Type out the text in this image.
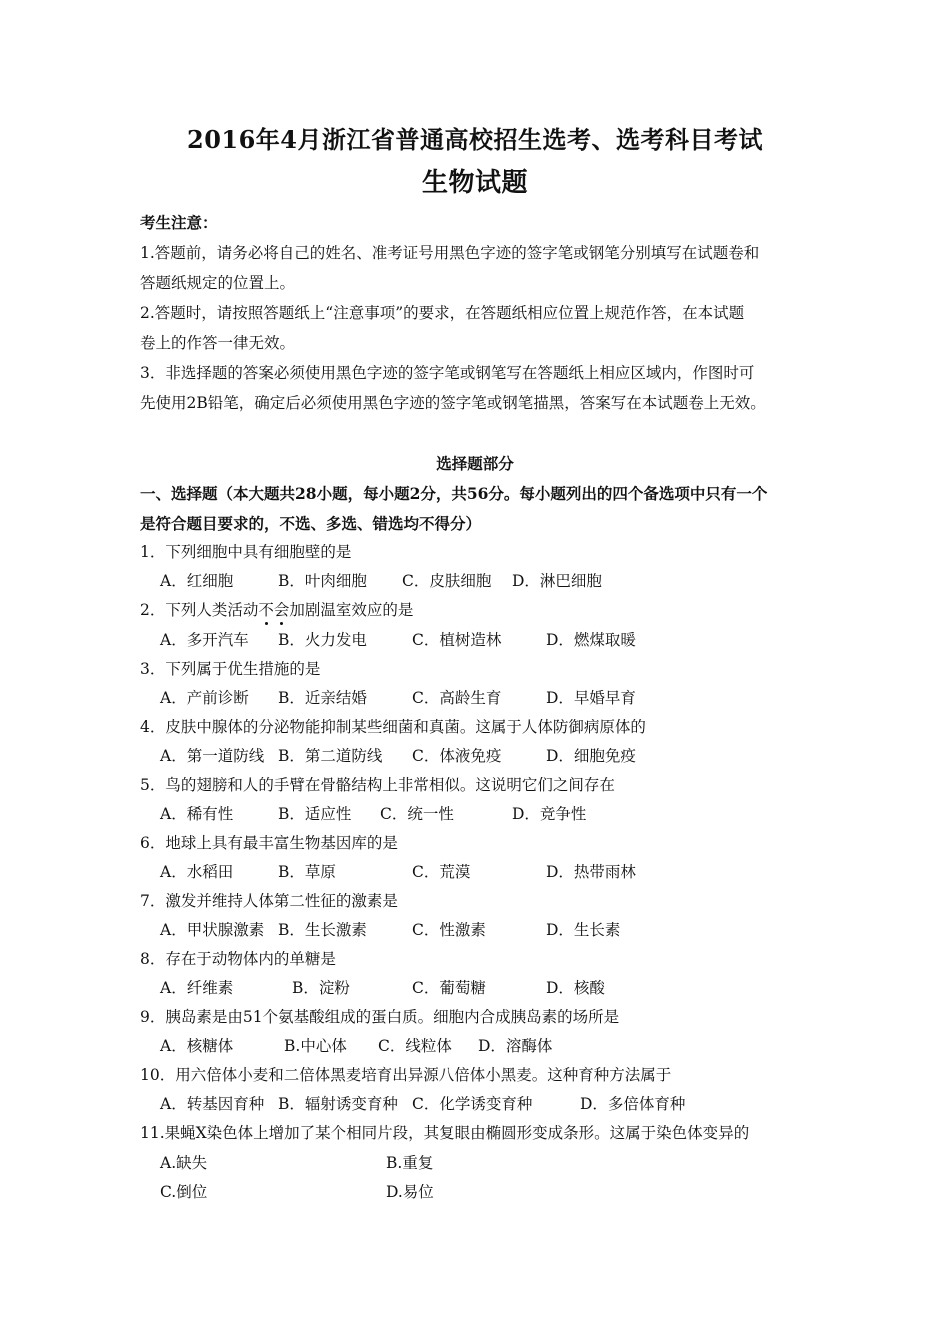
2016年4月浙江省普通高校招生选考、选考科目考试
生物试题
考生注意：
1.答题前，请务必将自己的姓名、准考证号用黑色字迹的签字笔或钢笔分别填写在试题卷和
答题纸规定的位置上。
2.答题时，请按照答题纸上“注意事项”的要求，在答题纸相应位置上规范作答，在本试题
卷上的作答一律无效。
3．非选择题的答案必须使用黑色字迹的签字笔或钢笔写在答题纸上相应区域内，作图时可
先使用2B铅笔，确定后必须使用黑色字迹的签字笔或钢笔描黑，答案写在本试题卷上无效。
选择题部分
一、选择题（本大题共28小题，每小题2分，共56分。每小题列出的四个备选项中只有一个
是符合题目要求的，不选、多选、错选均不得分）
1．下列细胞中具有细胞壁的是
A．红细胞	B．叶肉细胞 C．皮肤细胞 D．淋巴细胞
2．下列人类活动不会加剧温室效应的是
A．多开汽车 B．火力发电	C．植树造林	D．燃煤取暖
3．下列属于优生措施的是
A．产前诊断 B．近亲结婚	C．高龄生育	D．早婚早育
4．皮肤中腺体的分泌物能抑制某些细菌和真菌。这属于人体防御病原体的
A．第一道防线 B．第二道防线 C．体液免疫	D．细胞免疫
5．鸟的翅膀和人的手臂在骨骼结构上非常相似。这说明它们之间存在
A．稀有性	B．适应性 C．统一性	D．竞争性
6．地球上具有最丰富生物基因库的是
A．水稻田	B．草原	C．荒漠	D．热带雨林
7．激发并维持人体第二性征的激素是
A．甲状腺激素 B．生长激素	C．性激素	D．生长素
8．存在于动物体内的单糖是
A．纤维素	B．淀粉	C．葡萄糖	D．核酸
9．胰岛素是由51个氨基酸组成的蛋白质。细胞内合成胰岛素的场所是
A．核糖体	B.中心体 C．线粒体 D．溶酶体
10．用六倍体小麦和二倍体黑麦培育出异源八倍体小黑麦。这种育种方法属于
A．转基因育种 B．辐射诱变育种 C．化学诱变育种	D．多倍体育种
11.果蝇X染色体上增加了某个相同片段，其复眼由椭圆形变成条形。这属于染色体变异的
A.缺失	B.重复
C.倒位	D.易位
